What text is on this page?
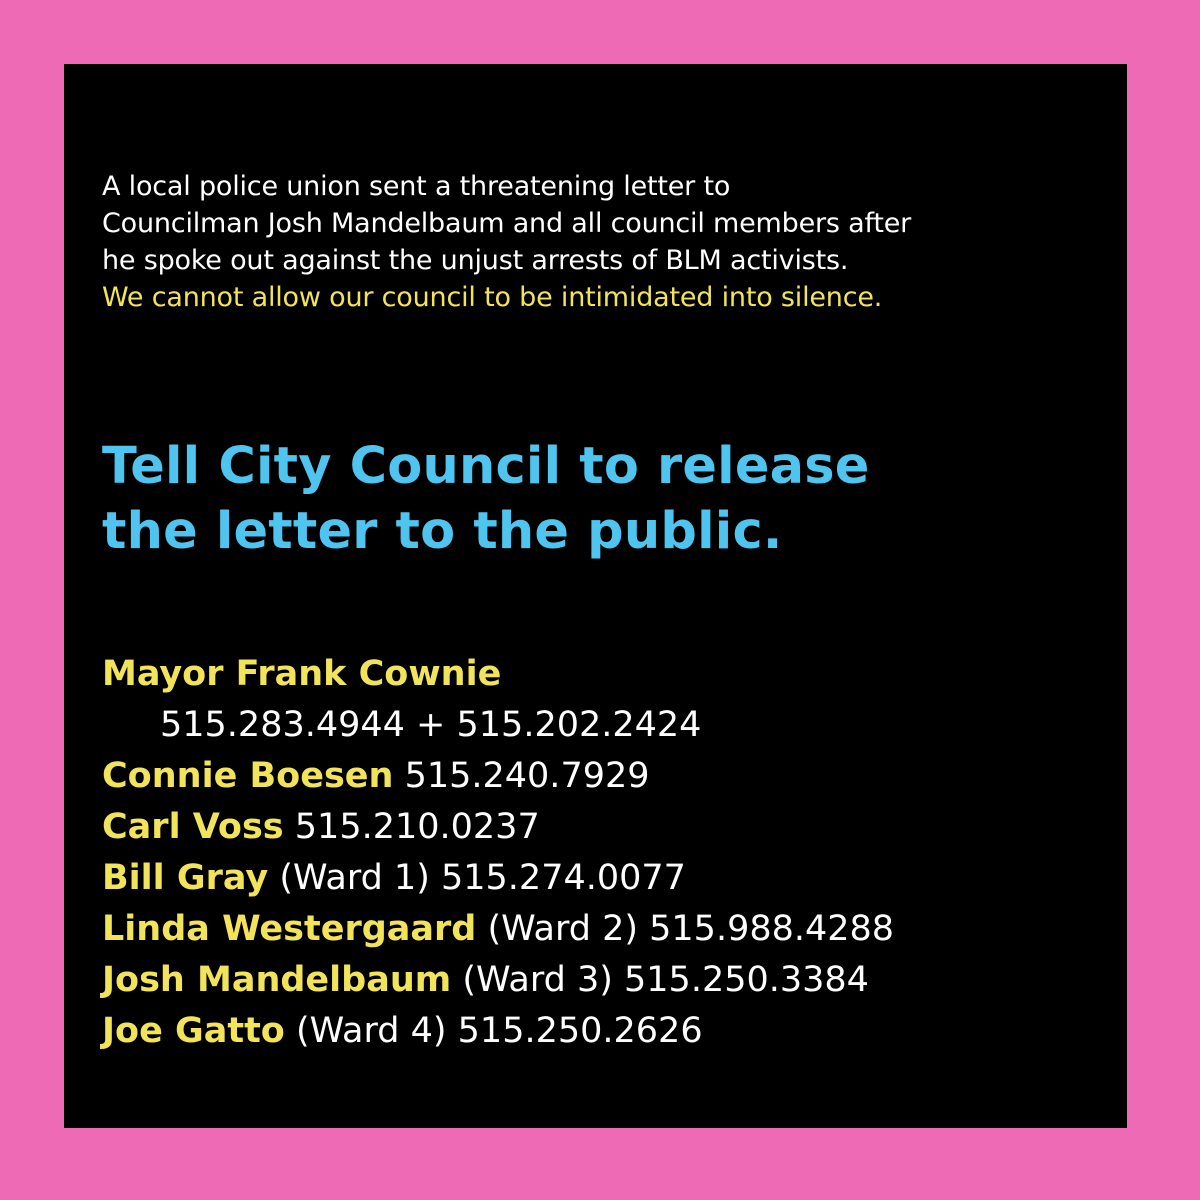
A local police union sent a threatening letter to
Councilman Josh Mandelbaum and all council members after
he spoke out against the unjust arrests of BLM activists.
We cannot allow our council to be intimidated into silence.
Tell City Council to release
the letter to the public.
Mayor Frank Cownie
515.283.4944 + 515.202.2424
Connie Boesen 515.240.7929
Carl Voss 515.210.0237
Bill Gray (Ward 1) 515.274.0077
Linda Westergaard (Ward 2) 515.988.4288
Josh Mandelbaum (Ward 3) 515.250.3384
Joe Gatto (Ward 4) 515.250.2626
